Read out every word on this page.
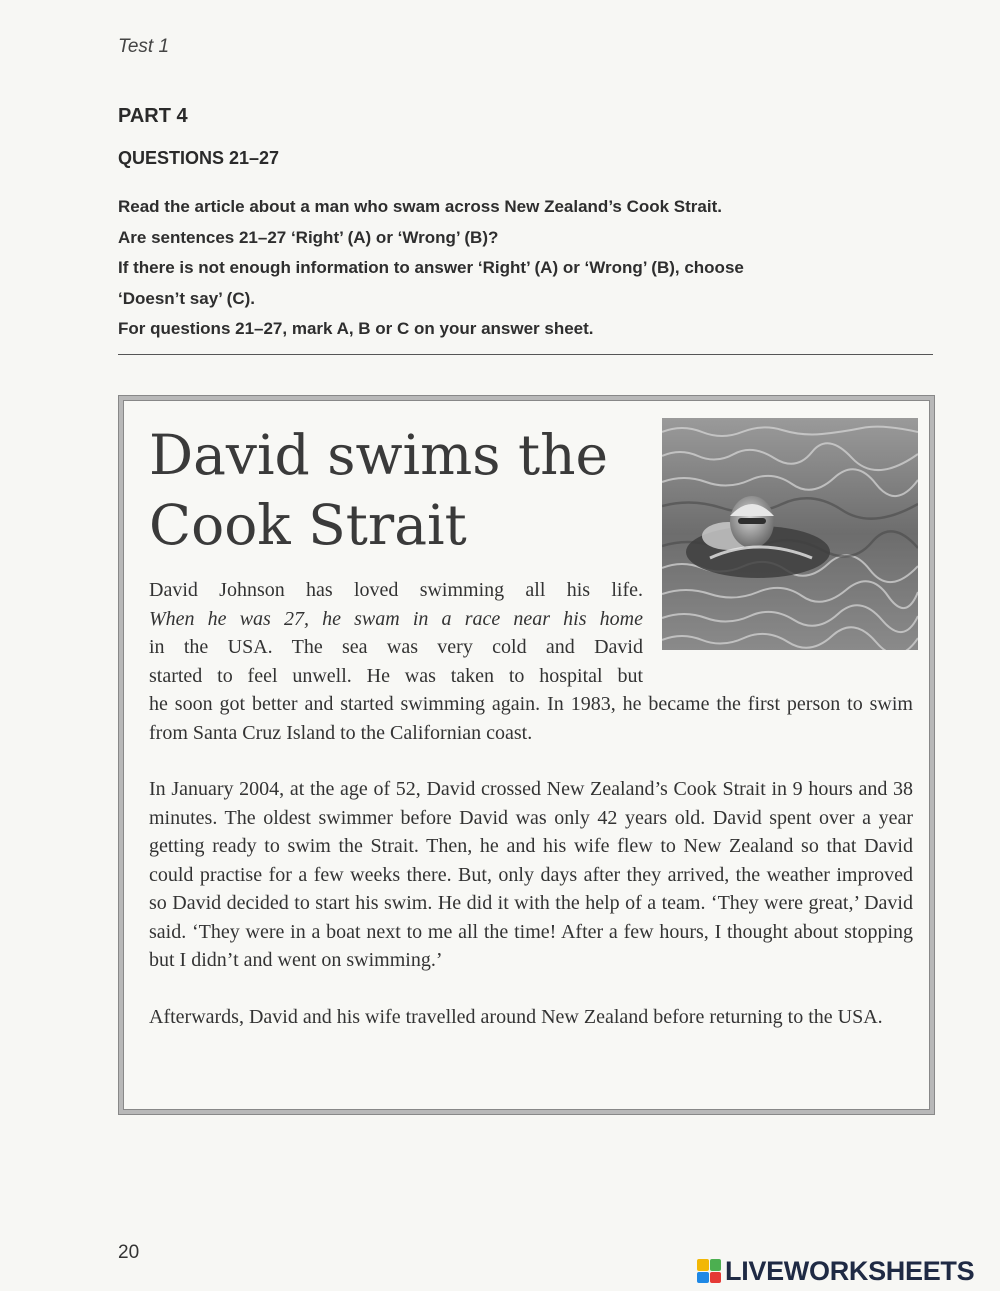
Test 1
PART 4
QUESTIONS 21–27
Read the article about a man who swam across New Zealand’s Cook Strait.
Are sentences 21–27 ‘Right’ (A) or ‘Wrong’ (B)?
If there is not enough information to answer ‘Right’ (A) or ‘Wrong’ (B), choose
‘Doesn’t say’ (C).
For questions 21–27, mark A, B or C on your answer sheet.
David swims the
Cook Strait

David Johnson has loved swimming all his life.
When he was 27, he swam in a race near his home
in the USA. The sea was very cold and David
started to feel unwell. He was taken to hospital but
he soon got better and started swimming again. In 1983, he became the first person to swim from Santa Cruz Island to the Californian coast.

In January 2004, at the age of 52, David crossed New Zealand’s Cook Strait in 9 hours and 38 minutes. The oldest swimmer before David was only 42 years old. David spent over a year getting ready to swim the Strait. Then, he and his wife flew to New Zealand so that David could practise for a few weeks there. But, only days after they arrived, the weather improved so David decided to start his swim. He did it with the help of a team. ‘They were great,’ David said. ‘They were in a boat next to me all the time! After a few hours, I thought about stopping but I didn’t and went on swimming.’

Afterwards, David and his wife travelled around New Zealand before returning to the USA.

20
LIVEWORKSHEETS
